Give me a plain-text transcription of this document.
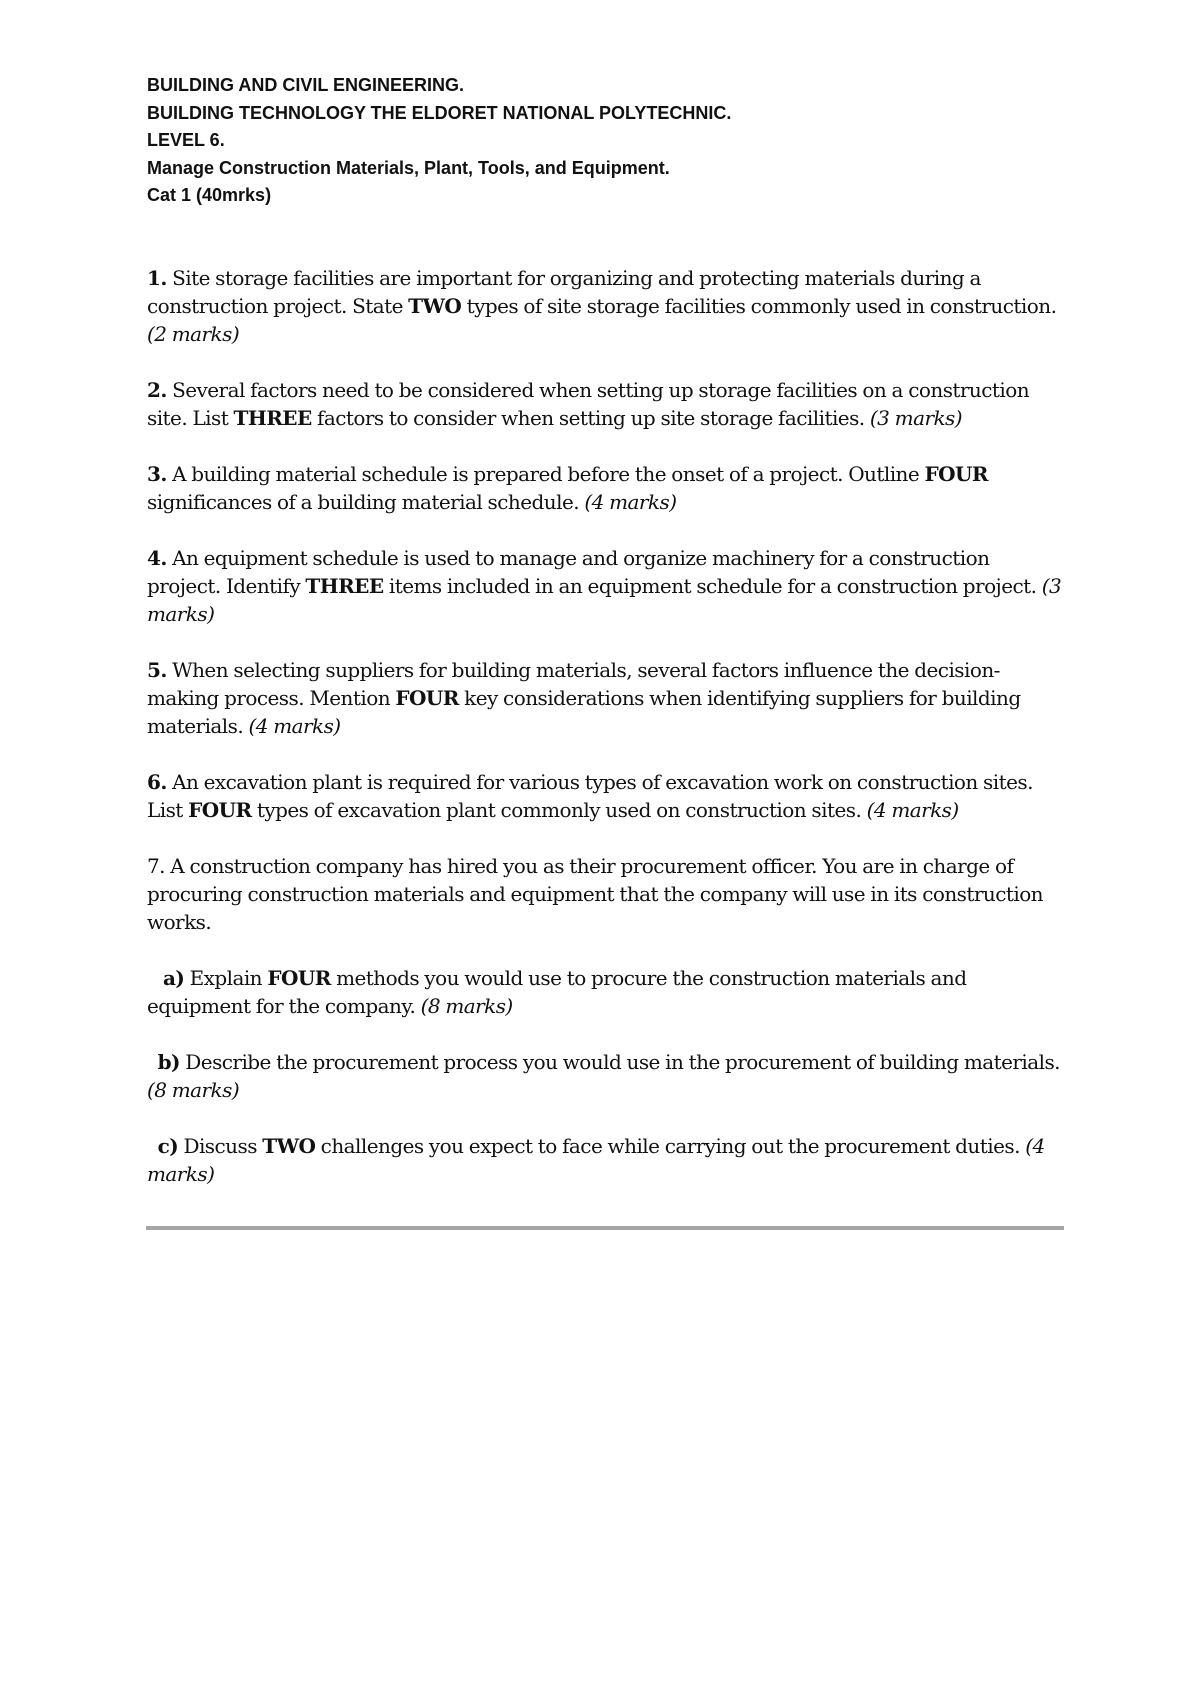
BUILDING AND CIVIL ENGINEERING.
BUILDING TECHNOLOGY THE ELDORET NATIONAL POLYTECHNIC.
LEVEL 6.
Manage Construction Materials, Plant, Tools, and Equipment.
Cat 1 (40mrks)
1. Site storage facilities are important for organizing and protecting materials during a construction project. State TWO types of site storage facilities commonly used in construction. (2 marks)
2. Several factors need to be considered when setting up storage facilities on a construction site. List THREE factors to consider when setting up site storage facilities. (3 marks)
3. A building material schedule is prepared before the onset of a project. Outline FOUR significances of a building material schedule. (4 marks)
4. An equipment schedule is used to manage and organize machinery for a construction project. Identify THREE items included in an equipment schedule for a construction project. (3 marks)
5. When selecting suppliers for building materials, several factors influence the decision-making process. Mention FOUR key considerations when identifying suppliers for building materials. (4 marks)
6. An excavation plant is required for various types of excavation work on construction sites. List FOUR types of excavation plant commonly used on construction sites. (4 marks)
7. A construction company has hired you as their procurement officer. You are in charge of procuring construction materials and equipment that the company will use in its construction works.
a) Explain FOUR methods you would use to procure the construction materials and equipment for the company. (8 marks)
b) Describe the procurement process you would use in the procurement of building materials. (8 marks)
c) Discuss TWO challenges you expect to face while carrying out the procurement duties. (4 marks)
